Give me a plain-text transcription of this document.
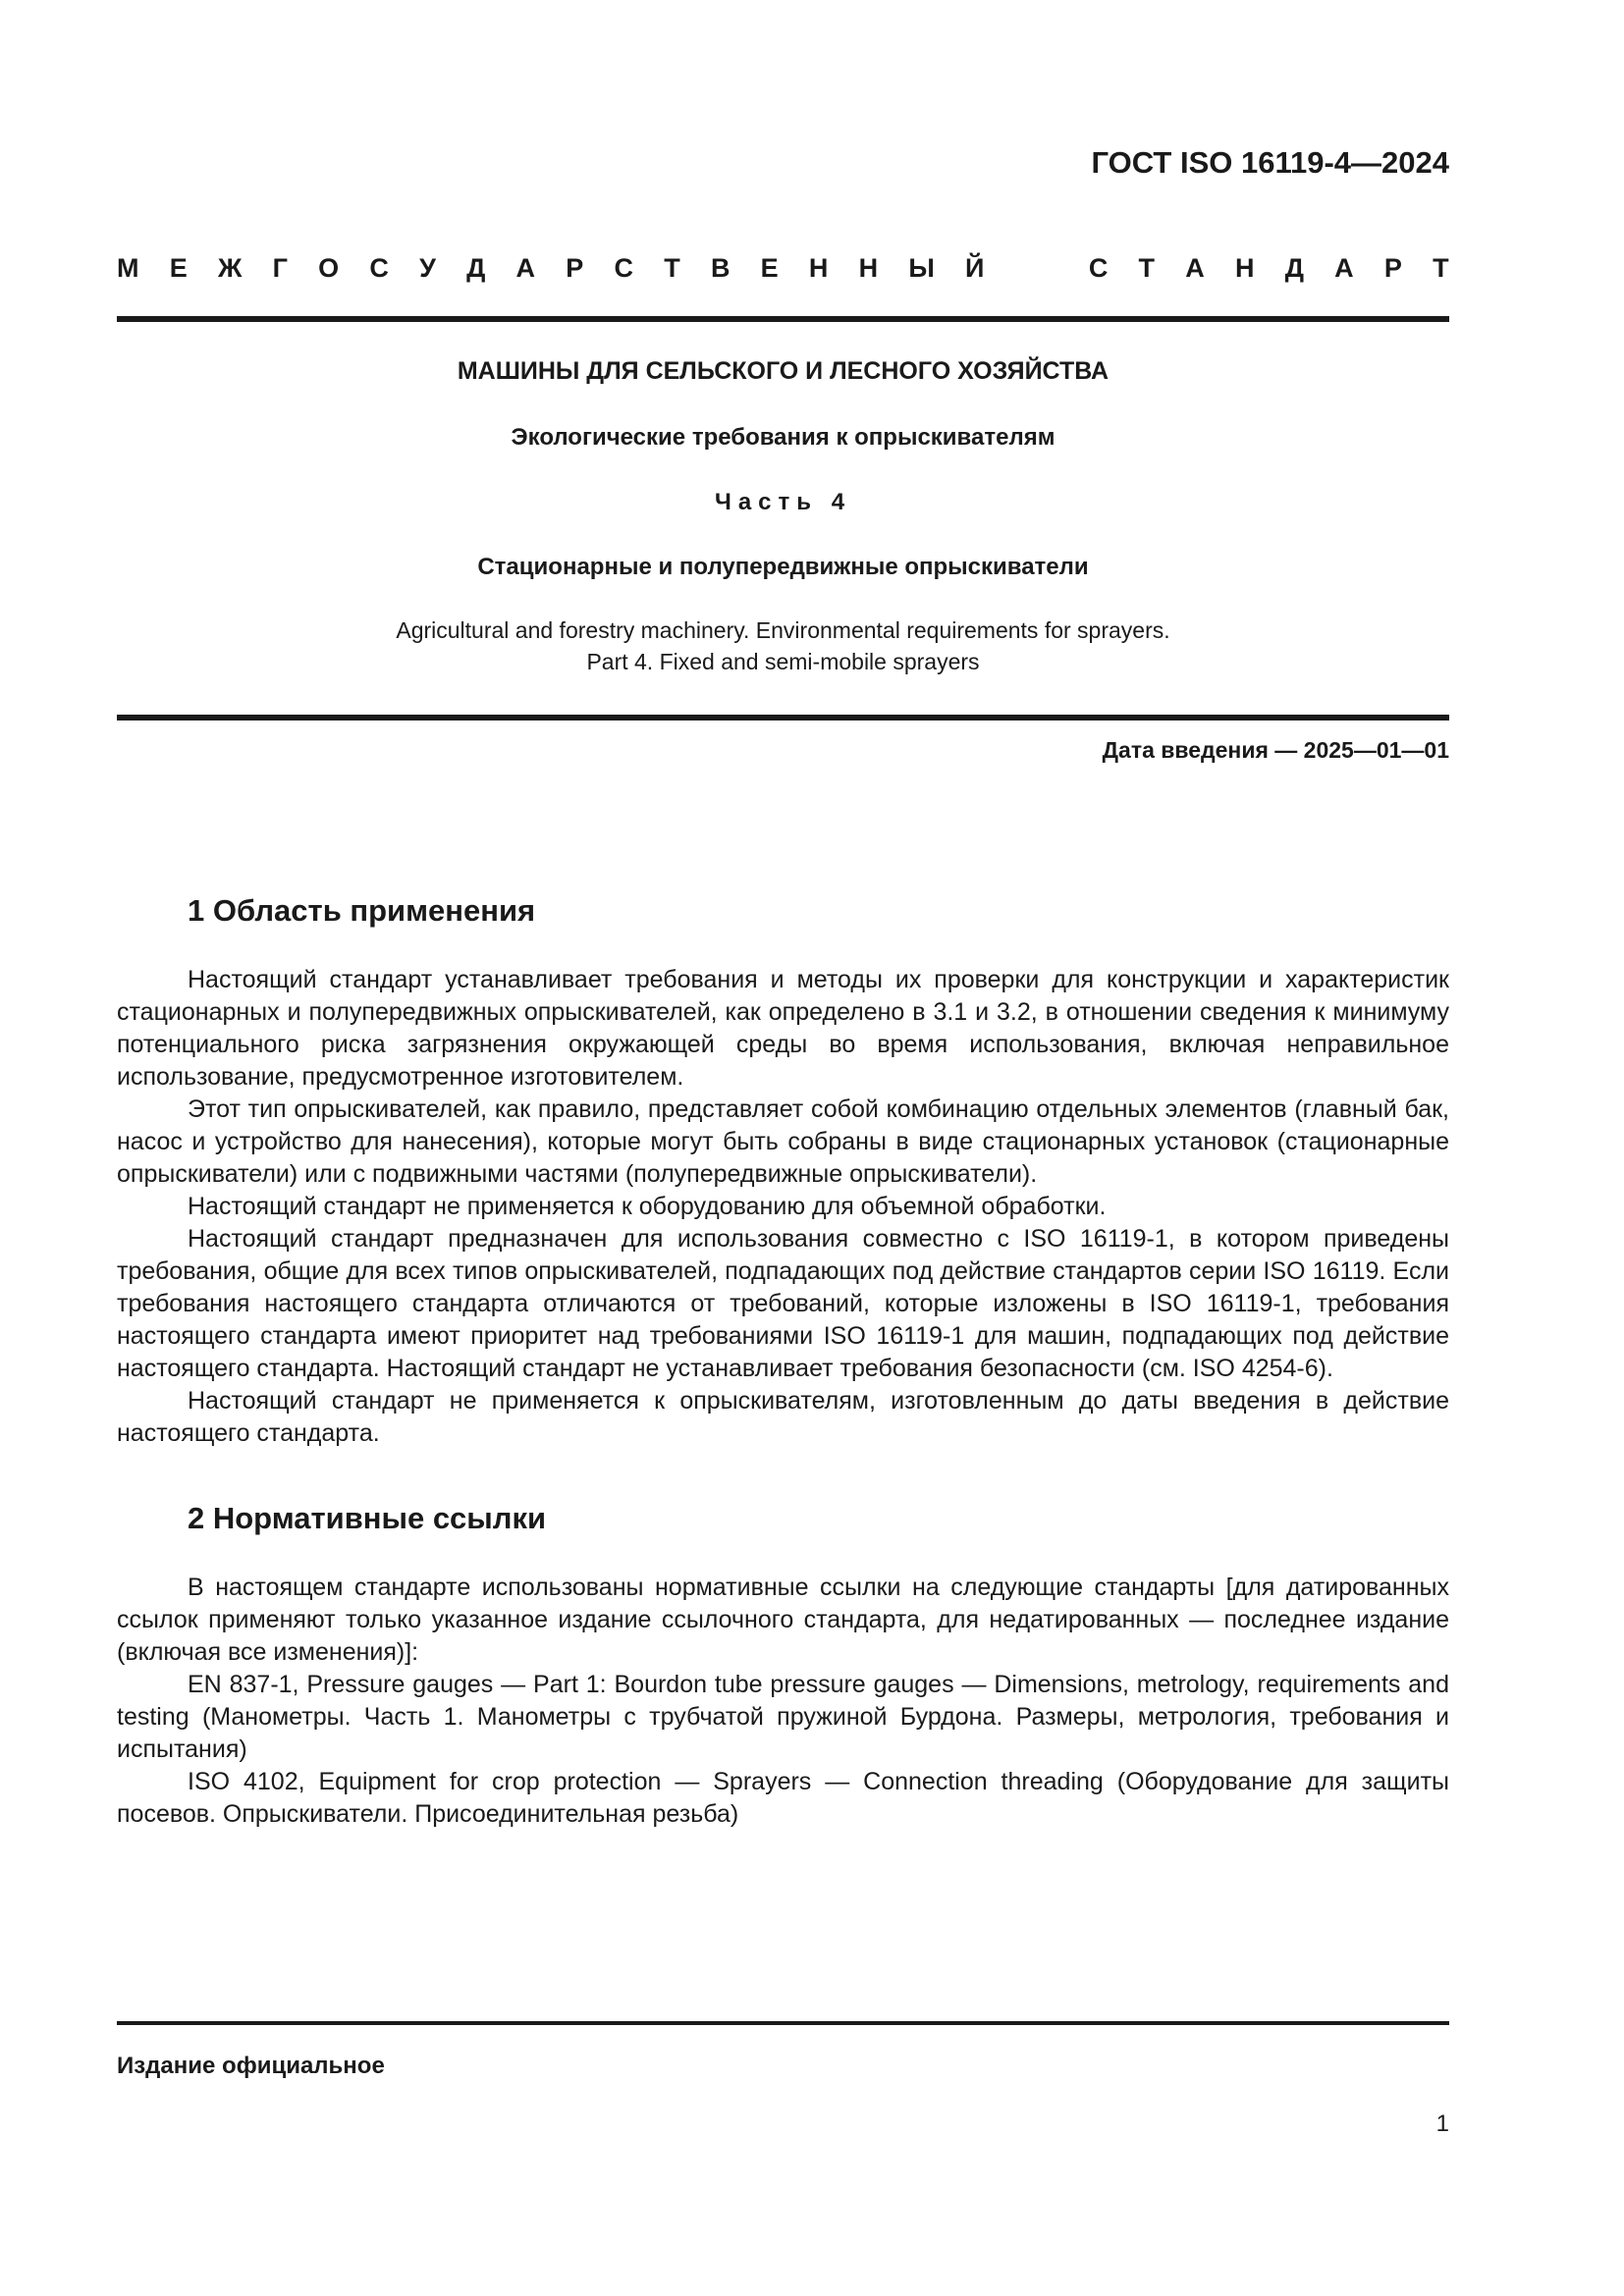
ГОСТ ISO 16119-4—2024
М Е Ж Г О С У Д А Р С Т В Е Н Н Ы Й	С Т А Н Д А Р Т
МАШИНЫ ДЛЯ СЕЛЬСКОГО И ЛЕСНОГО ХОЗЯЙСТВА
Экологические требования к опрыскивателям
Часть 4
Стационарные и полупередвижные опрыскиватели
Agricultural and forestry machinery. Environmental requirements for sprayers.
Part 4. Fixed and semi-mobile sprayers
Дата введения — 2025—01—01
1 Область применения

Настоящий стандарт устанавливает требования и методы их проверки для конструкции и характеристик стационарных и полупередвижных опрыскивателей, как определено в 3.1 и 3.2, в отношении сведения к минимуму потенциального риска загрязнения окружающей среды во время использования, включая неправильное использование, предусмотренное изготовителем.

Этот тип опрыскивателей, как правило, представляет собой комбинацию отдельных элементов (главный бак, насос и устройство для нанесения), которые могут быть собраны в виде стационарных установок (стационарные опрыскиватели) или с подвижными частями (полупередвижные опрыскиватели).

Настоящий стандарт не применяется к оборудованию для объемной обработки.

Настоящий стандарт предназначен для использования совместно с ISO 16119-1, в котором приведены требования, общие для всех типов опрыскивателей, подпадающих под действие стандартов серии ISO 16119. Если требования настоящего стандарта отличаются от требований, которые изложены в ISO 16119-1, требования настоящего стандарта имеют приоритет над требованиями ISO 16119-1 для машин, подпадающих под действие настоящего стандарта. Настоящий стандарт не устанавливает требования безопасности (см. ISO 4254-6).

Настоящий стандарт не применяется к опрыскивателям, изготовленным до даты введения в действие настоящего стандарта.

2 Нормативные ссылки

В настоящем стандарте использованы нормативные ссылки на следующие стандарты [для датированных ссылок применяют только указанное издание ссылочного стандарта, для недатированных — последнее издание (включая все изменения)]:

EN 837-1, Pressure gauges — Part 1: Bourdon tube pressure gauges — Dimensions, metrology, requirements and testing (Манометры. Часть 1. Манометры с трубчатой пружиной Бурдона. Размеры, метрология, требования и испытания)

ISO 4102, Equipment for crop protection — Sprayers — Connection threading (Оборудование для защиты посевов. Опрыскиватели. Присоединительная резьба)

Издание официальное
1
